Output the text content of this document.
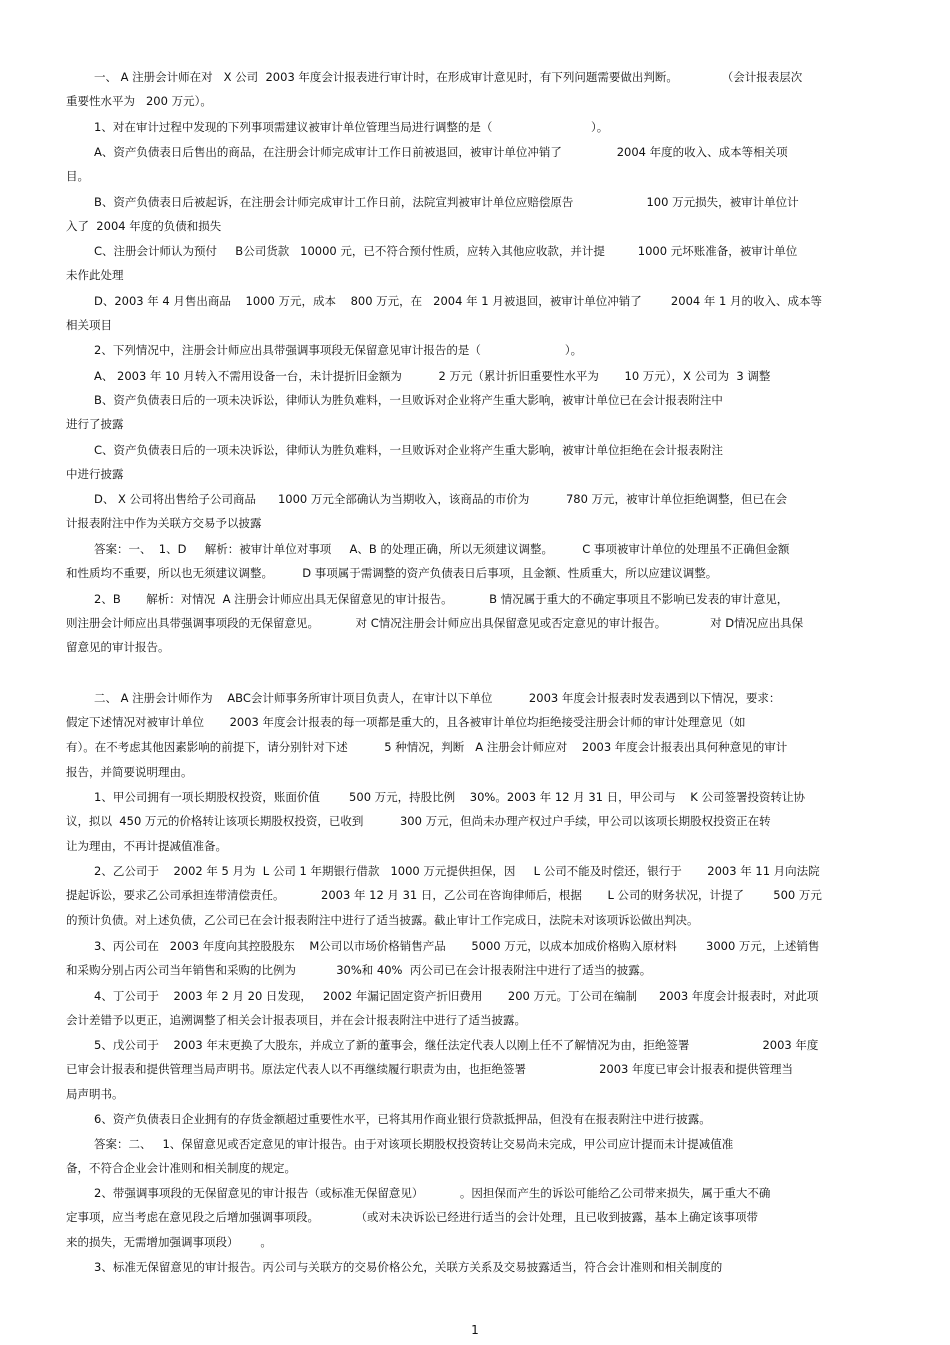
一、 A 注册会计师在对   X 公司  2003 年度会计报表进行审计时，在形成审计意见时，有下列问题需要做出判断。            （会计报表层次
重要性水平为   200 万元）。
1、对在审计过程中发现的下列事项需建议被审计单位管理当局进行调整的是（                           ）。
A、资产负债表日后售出的商品，在注册会计师完成审计工作日前被退回，被审计单位冲销了               2004 年度的收入、成本等相关项
目。
B、资产负债表日后被起诉，在注册会计师完成审计工作日前，法院宣判被审计单位应赔偿原告                    100 万元损失，被审计单位计
入了  2004 年度的负债和损失
C、注册会计师认为预付     B公司货款   10000 元，已不符合预付性质，应转入其他应收款，并计提         1000 元坏账准备，被审计单位
未作此处理
D、2003 年 4 月售出商品    1000 万元，成本    800 万元，在   2004 年 1 月被退回，被审计单位冲销了        2004 年 1 月的收入、成本等
相关项目
2、下列情况中，注册会计师应出具带强调事项段无保留意见审计报告的是（                       ）。
A、 2003 年 10 月转入不需用设备一台，未计提折旧金额为          2 万元（累计折旧重要性水平为       10 万元），X 公司为  3 调整
B、资产负债表日后的一项未决诉讼，律师认为胜负难料，一旦败诉对企业将产生重大影响，被审计单位已在会计报表附注中
进行了披露
C、资产负债表日后的一项未决诉讼，律师认为胜负难料，一旦败诉对企业将产生重大影响，被审计单位拒绝在会计报表附注
中进行披露
D、 X 公司将出售给子公司商品      1000 万元全部确认为当期收入，该商品的市价为          780 万元，被审计单位拒绝调整，但已在会
计报表附注中作为关联方交易予以披露
答案：一、  1、D     解析：被审计单位对事项     A、B 的处理正确，所以无须建议调整。        C 事项被审计单位的处理虽不正确但金额
和性质均不重要，所以也无须建议调整。        D 事项属于需调整的资产负债表日后事项，且金额、性质重大，所以应建议调整。
2、B       解析：对情况  A 注册会计师应出具无保留意见的审计报告。          B 情况属于重大的不确定事项且不影响已发表的审计意见，
则注册会计师应出具带强调事项段的无保留意见。          对 C情况注册会计师应出具保留意见或否定意见的审计报告。            对 D情况应出具保
留意见的审计报告。
二、 A 注册会计师作为    ABC会计师事务所审计项目负责人，在审计以下单位          2003 年度会计报表时发表遇到以下情况，要求：
假定下述情况对被审计单位       2003 年度会计报表的每一项都是重大的，且各被审计单位均拒绝接受注册会计师的审计处理意见（如
有）。在不考虑其他因素影响的前提下，请分别针对下述          5 种情况，判断   A 注册会计师应对    2003 年度会计报表出具何种意见的审计
报告，并简要说明理由。
1、甲公司拥有一项长期股权投资，账面价值        500 万元，持股比例    30%。2003 年 12 月 31 日，甲公司与    K 公司签署投资转让协
议，拟以  450 万元的价格转让该项长期股权投资，已收到          300 万元，但尚未办理产权过户手续，甲公司以该项长期股权投资正在转
让为理由，不再计提减值准备。
2、乙公司于    2002 年 5 月为  L 公司 1 年期银行借款   1000 万元提供担保，因     L 公司不能及时偿还，银行于       2003 年 11 月向法院
提起诉讼，要求乙公司承担连带清偿责任。          2003 年 12 月 31 日，乙公司在咨询律师后，根据       L 公司的财务状况，计提了        500 万元
的预计负债。对上述负债，乙公司已在会计报表附注中进行了适当披露。截止审计工作完成日，法院未对该项诉讼做出判决。
3、丙公司在   2003 年度向其控股股东    M公司以市场价格销售产品       5000 万元，以成本加成价格购入原材料        3000 万元，上述销售
和采购分别占丙公司当年销售和采购的比例为           30%和 40%  丙公司已在会计报表附注中进行了适当的披露。
4、丁公司于    2003 年 2 月 20 日发现，   2002 年漏记固定资产折旧费用       200 万元。丁公司在编制      2003 年度会计报表时，对此项
会计差错予以更正，追溯调整了相关会计报表项目，并在会计报表附注中进行了适当披露。
5、戊公司于    2003 年末更换了大股东，并成立了新的董事会，继任法定代表人以刚上任不了解情况为由，拒绝签署                    2003 年度
已审会计报表和提供管理当局声明书。原法定代表人以不再继续履行职责为由，也拒绝签署                    2003 年度已审会计报表和提供管理当
局声明书。
6、资产负债表日企业拥有的存货金额超过重要性水平，已将其用作商业银行贷款抵押品，但没有在报表附注中进行披露。
答案：二、   1、保留意见或否定意见的审计报告。由于对该项长期股权投资转让交易尚未完成，甲公司应计提而未计提减值准
备，不符合企业会计准则和相关制度的规定。
2、带强调事项段的无保留意见的审计报告（或标准无保留意见）          。因担保而产生的诉讼可能给乙公司带来损失，属于重大不确
定事项，应当考虑在意见段之后增加强调事项段。          （或对未决诉讼已经进行适当的会计处理，且已收到披露，基本上确定该事项带
来的损失，无需增加强调事项段）      。
3、标准无保留意见的审计报告。丙公司与关联方的交易价格公允，关联方关系及交易披露适当，符合会计准则和相关制度的
1
